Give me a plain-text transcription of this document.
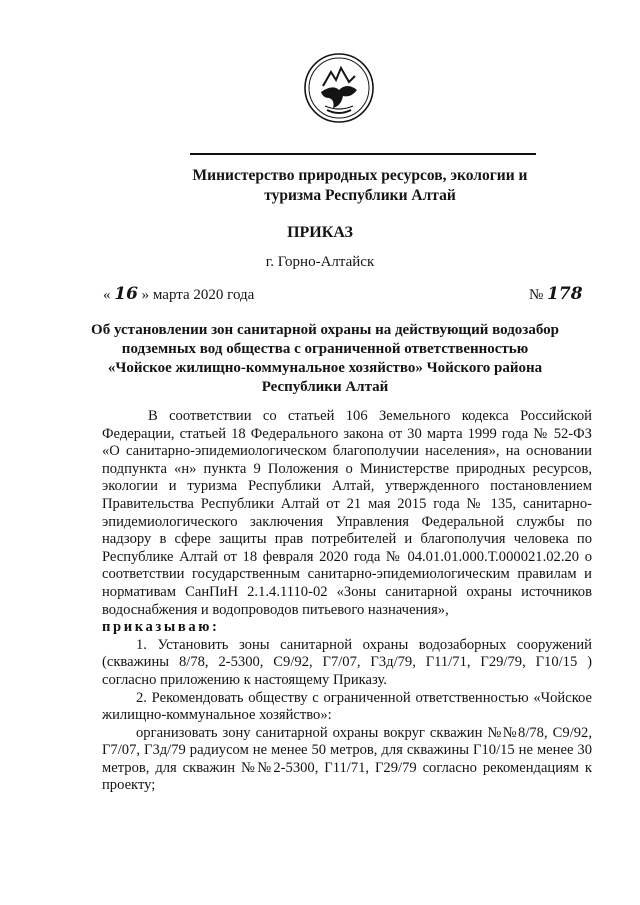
Министерство природных ресурсов, экологии и
туризма Республики Алтай
ПРИКАЗ
г. Горно-Алтайск
« 16 » марта 2020 года	№ 178
Об установлении зон санитарной охраны на действующий водозабор
подземных вод общества с ограниченной ответственностью
«Чойское жилищно-коммунальное хозяйство» Чойского района
Республики Алтай

В соответствии со статьей 106 Земельного кодекса Российской Федерации, статьей 18 Федерального закона от 30 марта 1999 года № 52-ФЗ «О санитарно-эпидемиологическом благополучии населения», на основании подпункта «н» пункта 9 Положения о Министерстве природных ресурсов, экологии и туризма Республики Алтай, утвержденного постановлением Правительства Республики Алтай от 21 мая 2015 года № 135, санитарно-эпидемиологического заключения Управления Федеральной службы по надзору в сфере защиты прав потребителей и благополучия человека по Республике Алтай от 18 февраля 2020 года № 04.01.01.000.Т.000021.02.20 о соответствии государственным санитарно-эпидемиологическим правилам и нормативам СанПиН 2.1.4.1110-02 «Зоны санитарной охраны источников водоснабжения и водопроводов питьевого назначения»,

приказываю:

1. Установить зоны санитарной охраны водозаборных сооружений (скважины 8/78, 2-5300, С9/92, Г7/07, Г3д/79, Г11/71, Г29/79, Г10/15 ) согласно приложению к настоящему Приказу.

2. Рекомендовать обществу с ограниченной ответственностью «Чойское жилищно-коммунальное хозяйство»:

организовать зону санитарной охраны вокруг скважин №№8/78, С9/92, Г7/07, Г3д/79 радиусом не менее 50 метров, для скважины Г10/15 не менее 30 метров, для скважин №№2-5300, Г11/71, Г29/79 согласно рекомендациям к проекту;
